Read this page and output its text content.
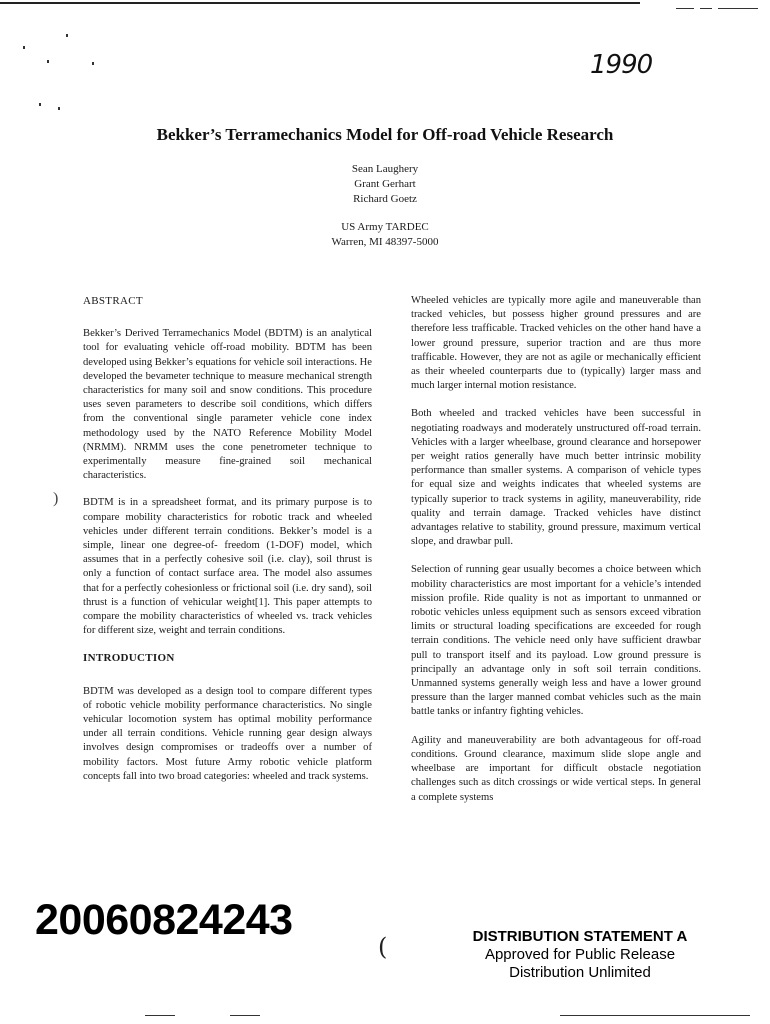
1990
Bekker’s Terramechanics Model for Off-road Vehicle Research
Sean Laughery
Grant Gerhart
Richard Goetz
US Army TARDEC
Warren, MI 48397-5000
ABSTRACT
Bekker’s Derived Terramechanics Model (BDTM) is an analytical tool for evaluating vehicle off-road mobility. BDTM has been developed using Bekker’s equations for vehicle soil interactions. He developed the bevameter technique to measure mechanical strength characteristics for many soil and snow conditions. This procedure uses seven parameters to describe soil conditions, which differs from the conventional single parameter vehicle cone index methodology used by the NATO Reference Mobility Model (NRMM). NRMM uses the cone penetrometer technique to experimentally measure fine-grained soil mechanical characteristics.
BDTM is in a spreadsheet format, and its primary purpose is to compare mobility characteristics for robotic track and wheeled vehicles under different terrain conditions. Bekker’s model is a simple, linear one degree-of- freedom (1-DOF) model, which assumes that in a perfectly cohesive soil (i.e. clay), soil thrust is only a function of contact surface area. The model also assumes that for a perfectly cohesionless or frictional soil (i.e. dry sand), soil thrust is a function of vehicular weight[1]. This paper attempts to compare the mobility characteristics of wheeled vs. track vehicles for different size, weight and terrain conditions.
INTRODUCTION
BDTM was developed as a design tool to compare different types of robotic vehicle mobility performance characteristics. No single vehicular locomotion system has optimal mobility performance under all terrain conditions. Vehicle running gear design always involves design compromises or tradeoffs over a number of mobility factors. Most future Army robotic vehicle platform concepts fall into two broad categories: wheeled and track systems.
Wheeled vehicles are typically more agile and maneuverable than tracked vehicles, but possess higher ground pressures and are therefore less trafficable. Tracked vehicles on the other hand have a lower ground pressure, superior traction and are thus more trafficable. However, they are not as agile or mechanically efficient as their wheeled counterparts due to (typically) larger mass and much larger internal motion resistance.
Both wheeled and tracked vehicles have been successful in negotiating roadways and moderately unstructured off-road terrain. Vehicles with a larger wheelbase, ground clearance and horsepower per weight ratios generally have much better intrinsic mobility performance than smaller systems. A comparison of vehicle types for equal size and weights indicates that wheeled systems are typically superior to track systems in agility, maneuverability, ride quality and terrain damage. Tracked vehicles have distinct advantages relative to stability, ground pressure, maximum vertical slope, and drawbar pull.
Selection of running gear usually becomes a choice between which mobility characteristics are most important for a vehicle’s intended mission profile. Ride quality is not as important to unmanned or robotic vehicles unless equipment such as sensors exceed vibration limits or structural loading specifications are exceeded for rough terrain conditions. The vehicle need only have sufficient drawbar pull to transport itself and its payload. Low ground pressure is principally an advantage only in soft soil terrain conditions. Unmanned systems generally weigh less and have a lower ground pressure than the larger manned combat vehicles such as the main battle tanks or infantry fighting vehicles.
Agility and maneuverability are both advantageous for off-road conditions. Ground clearance, maximum slide slope angle and wheelbase are important for difficult obstacle negotiation challenges such as ditch crossings or wide vertical steps. In general a complete systems
)
20060824243
(	DISTRIBUTION STATEMENT A
Approved for Public Release
Distribution Unlimited
